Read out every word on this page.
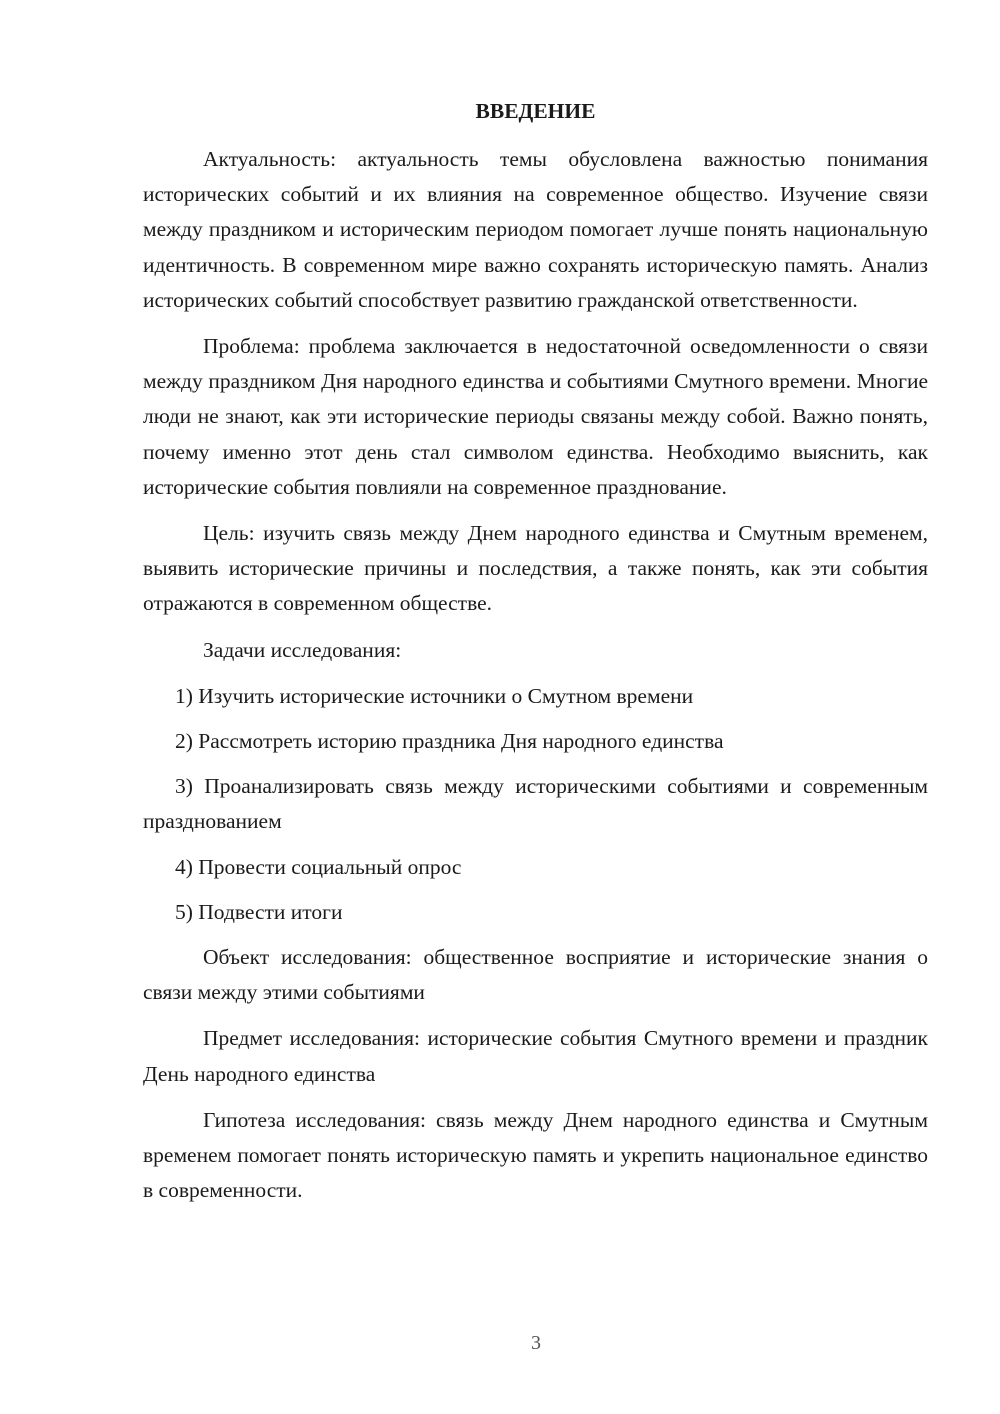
ВВЕДЕНИЕ

Актуальность: актуальность темы обусловлена важностью понимания исторических событий и их влияния на современное общество. Изучение связи между праздником и историческим периодом помогает лучше понять национальную идентичность. В современном мире важно сохранять историческую память. Анализ исторических событий способствует развитию гражданской ответственности.

Проблема: проблема заключается в недостаточной осведомленности о связи между праздником Дня народного единства и событиями Смутного времени. Многие люди не знают, как эти исторические периоды связаны между собой. Важно понять, почему именно этот день стал символом единства. Необходимо выяснить, как исторические события повлияли на современное празднование.

Цель: изучить связь между Днем народного единства и Смутным временем, выявить исторические причины и последствия, а также понять, как эти события отражаются в современном обществе.

Задачи исследования:

1) Изучить исторические источники о Смутном времени

2) Рассмотреть историю праздника Дня народного единства

3) Проанализировать связь между историческими событиями и современным празднованием

4) Провести социальный опрос

5) Подвести итоги

Объект исследования: общественное восприятие и исторические знания о связи между этими событиями

Предмет исследования: исторические события Смутного времени и праздник День народного единства

Гипотеза исследования: связь между Днем народного единства и Смутным временем помогает понять историческую память и укрепить национальное единство в современности.

3
